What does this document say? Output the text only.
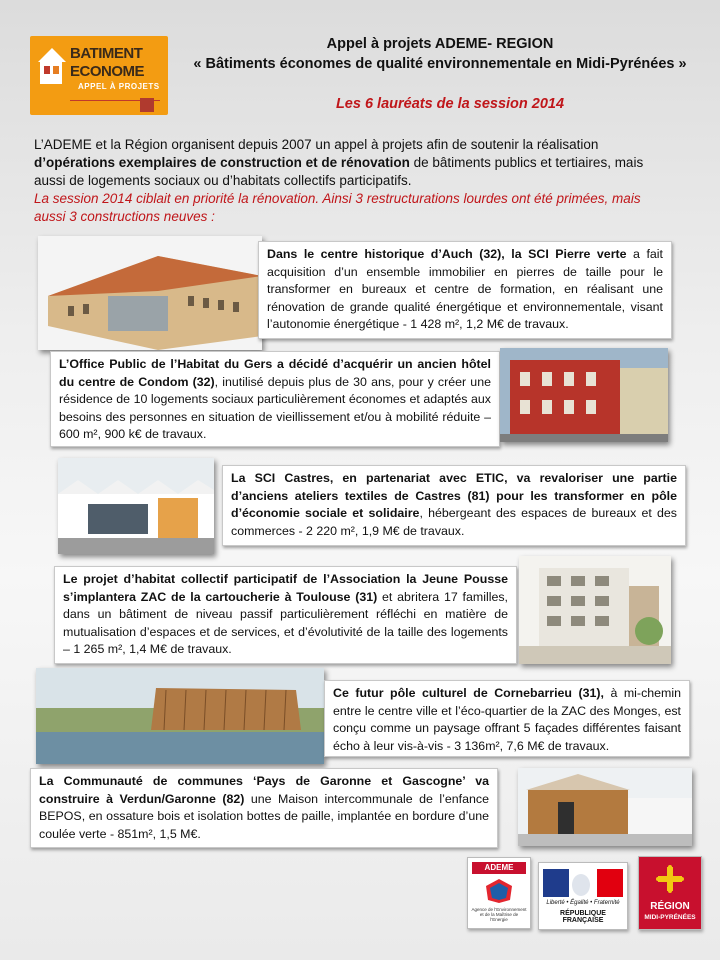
BATIMENT
ECONOME
APPEL À PROJETS
Appel à projets ADEME- REGION
« Bâtiments économes de qualité environnementale en Midi-Pyrénées »
Les 6 lauréats de la session 2014
L’ADEME et la Région organisent depuis 2007 un appel à projets afin de soutenir la réalisation d’opérations exemplaires de construction et de rénovation de bâtiments publics et tertiaires, mais aussi de logements sociaux ou d’habitats collectifs participatifs.
La session 2014 ciblait en priorité la rénovation. Ainsi 3 restructurations lourdes ont été primées, mais aussi 3 constructions neuves :
Dans le centre historique d’Auch (32), la SCI Pierre verte a fait acquisition d’un ensemble immobilier en pierres de taille pour le transformer en bureaux et centre de formation, en réalisant une rénovation de grande qualité énergétique et environnementale, visant l’autonomie énergétique - 1 428 m², 1,2 M€ de travaux.
L’Office Public de l’Habitat du Gers a décidé d’acquérir un ancien hôtel du centre de Condom (32), inutilisé depuis plus de 30 ans, pour y créer une résidence de 10 logements sociaux particulièrement économes et adaptés aux besoins des personnes en situation de vieillissement et/ou à mobilité réduite – 600 m², 900 k€ de travaux.
La SCI Castres, en partenariat avec ETIC, va revaloriser une partie d’anciens ateliers textiles de Castres (81) pour les transformer en pôle d’économie sociale et solidaire, hébergeant des espaces de bureaux et des commerces - 2 220 m², 1,9 M€ de travaux.
Le projet d’habitat collectif participatif de l’Association la Jeune Pousse s’implantera ZAC de la cartoucherie à Toulouse (31) et abritera 17 familles, dans un bâtiment de niveau passif particulièrement réfléchi en matière de mutualisation d’espaces et de services, et d’évolutivité de la taille des logements – 1 265 m², 1,4 M€ de travaux.
Ce futur pôle culturel de Cornebarrieu (31), à mi-chemin entre le centre ville et l’éco-quartier de la ZAC des Monges, est conçu comme un paysage offrant 5 façades différentes faisant écho à leur vis-à-vis - 3 136m², 7,6 M€ de travaux.
La Communauté de communes ‘Pays de Garonne et Gascogne’ va construire à Verdun/Garonne (82) une Maison intercommunale de l’enfance BEPOS, en ossature bois et isolation bottes de paille, implantée en bordure d’une coulée verte - 851m², 1,5 M€.
ADEME
Agence de l’Environnement et de la Maîtrise de l’Energie
Liberté • Égalité • Fraternité
RÉPUBLIQUE FRANÇAISE
RÉGION
MIDI-PYRÉNÉES
